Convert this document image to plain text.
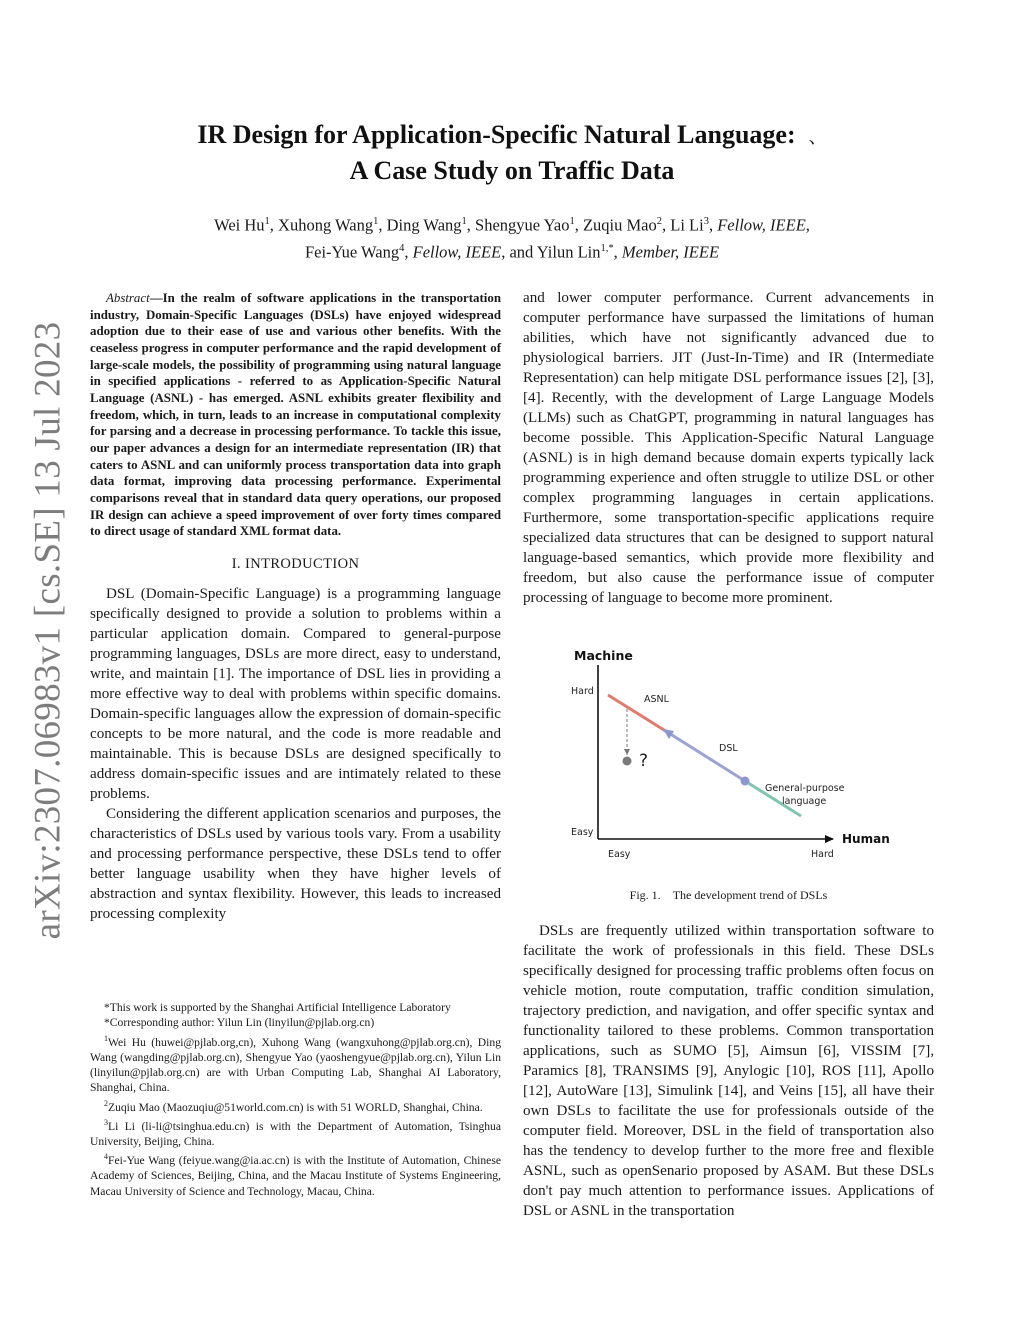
arXiv:2307.06983v1 [cs.SE] 13 Jul 2023
IR Design for Application-Specific Natural Language: 、
A Case Study on Traffic Data
Wei Hu$^1$, Xuhong Wang$^1$, Ding Wang$^1$, Shengyue Yao$^1$, Zuqiu Mao$^2$, Li Li$^3$, Fellow, IEEE,
Fei-Yue Wang$^4$, Fellow, IEEE, and Yilun Lin$^{1,*}$, Member, IEEE

Abstract—In the realm of software applications in the transportation industry, Domain-Specific Languages (DSLs) have enjoyed widespread adoption due to their ease of use and various other benefits. With the ceaseless progress in computer performance and the rapid development of large-scale models, the possibility of programming using natural language in specified applications - referred to as Application-Specific Natural Language (ASNL) - has emerged. ASNL exhibits greater flexibility and freedom, which, in turn, leads to an increase in computational complexity for parsing and a decrease in processing performance. To tackle this issue, our paper advances a design for an intermediate representation (IR) that caters to ASNL and can uniformly process transportation data into graph data format, improving data processing performance. Experimental comparisons reveal that in standard data query operations, our proposed IR design can achieve a speed improvement of over forty times compared to direct usage of standard XML format data.

I. INTRODUCTION

DSL (Domain-Specific Language) is a programming language specifically designed to provide a solution to problems within a particular application domain. Compared to general-purpose programming languages, DSLs are more direct, easy to understand, write, and maintain [1]. The importance of DSL lies in providing a more effective way to deal with problems within specific domains. Domain-specific languages allow the expression of domain-specific concepts to be more natural, and the code is more readable and maintainable. This is because DSLs are designed specifically to address domain-specific issues and are intimately related to these problems.

Considering the different application scenarios and purposes, the characteristics of DSLs used by various tools vary. From a usability and processing performance perspective, these DSLs tend to offer better language usability when they have higher levels of abstraction and syntax flexibility. However, this leads to increased processing complexity

*This work is supported by the Shanghai Artificial Intelligence Laboratory

*Corresponding author: Yilun Lin (linyilun@pjlab.org.cn)

$^1$Wei Hu (huwei@pjlab.org,cn), Xuhong Wang (wangxuhong@pjlab.org.cn), Ding Wang (wangding@pjlab.org.cn), Shengyue Yao (yaoshengyue@pjlab.org.cn), Yilun Lin (linyilun@pjlab.org.cn) are with Urban Computing Lab, Shanghai AI Laboratory, Shanghai, China.

$^2$Zuqiu Mao (Maozuqiu@51world.com.cn) is with 51 WORLD, Shanghai, China.

$^3$Li Li (li-li@tsinghua.edu.cn) is with the Department of Automation, Tsinghua University, Beijing, China.

$^4$Fei-Yue Wang (feiyue.wang@ia.ac.cn) is with the Institute of Automation, Chinese Academy of Sciences, Beijing, China, and the Macau Institute of Systems Engineering, Macau University of Science and Technology, Macau, China.

and lower computer performance. Current advancements in computer performance have surpassed the limitations of human abilities, which have not significantly advanced due to physiological barriers. JIT (Just-In-Time) and IR (Intermediate Representation) can help mitigate DSL performance issues [2], [3], [4]. Recently, with the development of Large Language Models (LLMs) such as ChatGPT, programming in natural languages has become possible. This Application-Specific Natural Language (ASNL) is in high demand because domain experts typically lack programming experience and often struggle to utilize DSL or other complex programming languages in certain applications. Furthermore, some transportation-specific applications require specialized data structures that can be designed to support natural language-based semantics, which provide more flexibility and freedom, but also cause the performance issue of computer processing of language to become more prominent.

Machine
Human
Hard
Easy
Easy	Hard
?
ASNL
DSL
General-purpose
language
Fig. 1. The development trend of DSLs

DSLs are frequently utilized within transportation software to facilitate the work of professionals in this field. These DSLs specifically designed for processing traffic problems often focus on vehicle motion, route computation, traffic condition simulation, trajectory prediction, and navigation, and offer specific syntax and functionality tailored to these problems. Common transportation applications, such as SUMO [5], Aimsun [6], VISSIM [7], Paramics [8], TRANSIMS [9], Anylogic [10], ROS [11], Apollo [12], AutoWare [13], Simulink [14], and Veins [15], all have their own DSLs to facilitate the use for professionals outside of the computer field. Moreover, DSL in the field of transportation also has the tendency to develop further to the more free and flexible ASNL, such as openSenario proposed by ASAM. But these DSLs don't pay much attention to performance issues. Applications of DSL or ASNL in the transportation
